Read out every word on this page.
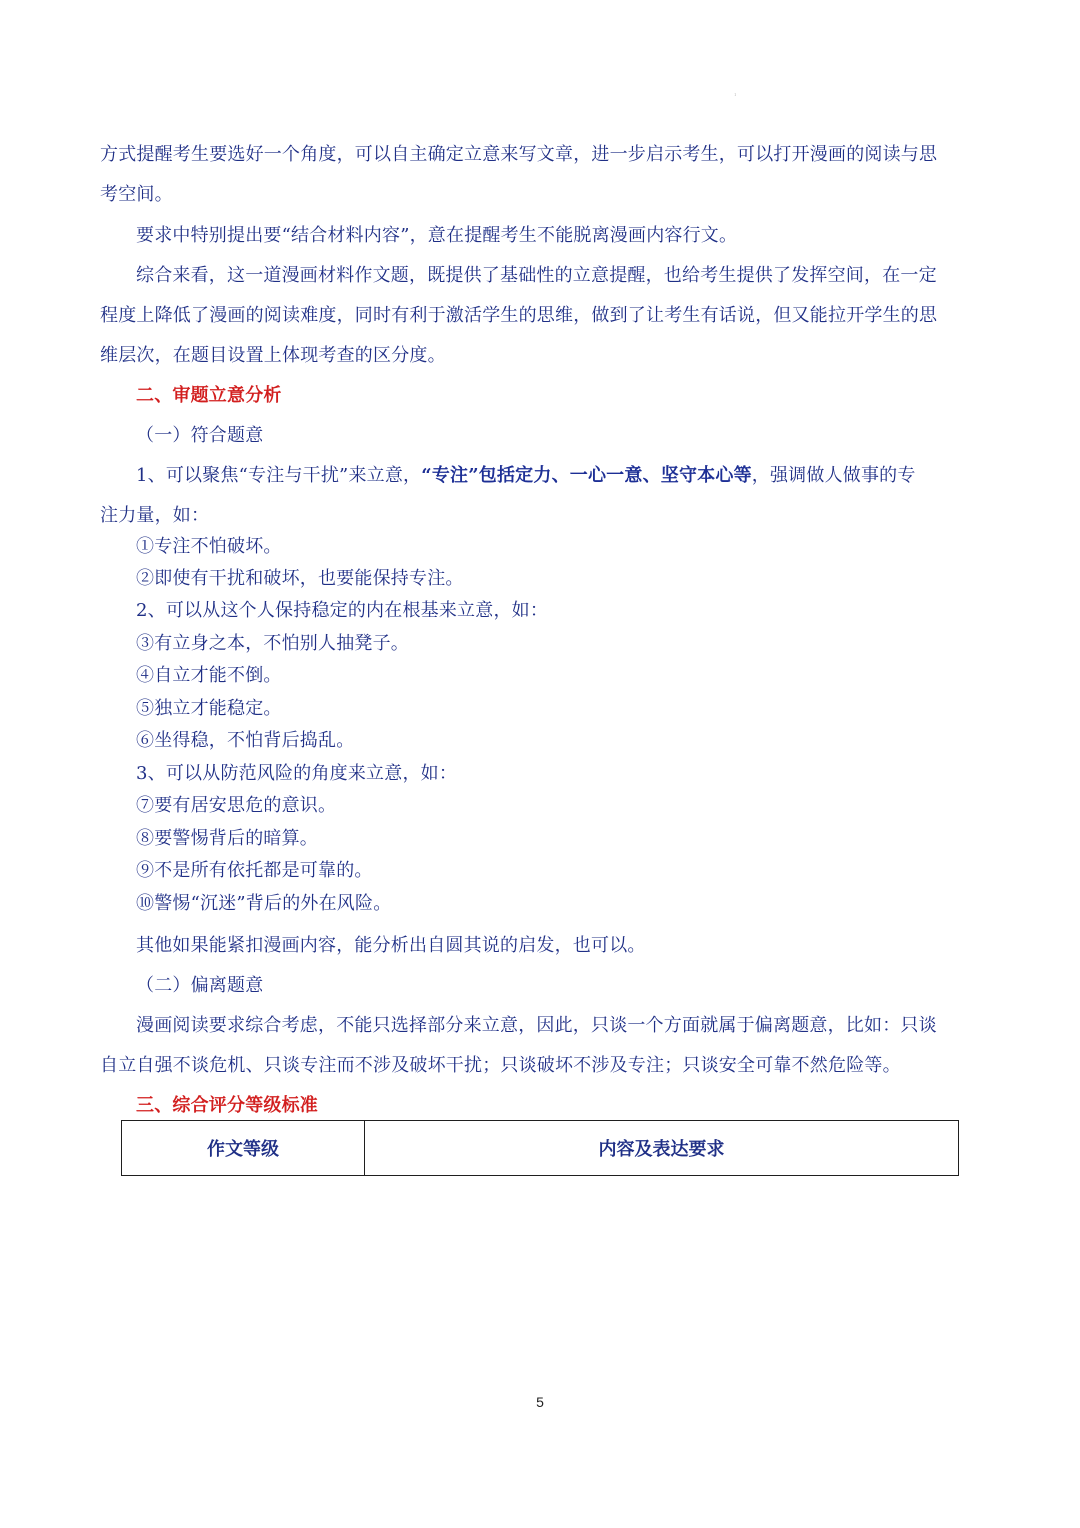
1
方式提醒考生要选好一个角度，可以自主确定立意来写文章，进一步启示考生，可以打开漫画的阅读与思
考空间。
要求中特别提出要“结合材料内容”，意在提醒考生不能脱离漫画内容行文。
综合来看，这一道漫画材料作文题，既提供了基础性的立意提醒，也给考生提供了发挥空间，在一定
程度上降低了漫画的阅读难度，同时有利于激活学生的思维，做到了让考生有话说，但又能拉开学生的思
维层次，在题目设置上体现考查的区分度。
二、审题立意分析
（一）符合题意
1、可以聚焦“专注与干扰”来立意，“专注”包括定力、一心一意、坚守本心等，强调做人做事的专
注力量，如：
①专注不怕破坏。
②即使有干扰和破坏，也要能保持专注。
2、可以从这个人保持稳定的内在根基来立意，如：
③有立身之本，不怕别人抽凳子。
④自立才能不倒。
⑤独立才能稳定。
⑥坐得稳，不怕背后捣乱。
3、可以从防范风险的角度来立意，如：
⑦要有居安思危的意识。
⑧要警惕背后的暗算。
⑨不是所有依托都是可靠的。
⑩警惕“沉迷”背后的外在风险。
其他如果能紧扣漫画内容，能分析出自圆其说的启发，也可以。
（二）偏离题意
漫画阅读要求综合考虑，不能只选择部分来立意，因此，只谈一个方面就属于偏离题意，比如：只谈
自立自强不谈危机、只谈专注而不涉及破坏干扰；只谈破坏不涉及专注；只谈安全可靠不然危险等。
三、综合评分等级标准
作文等级	内容及表达要求
5
